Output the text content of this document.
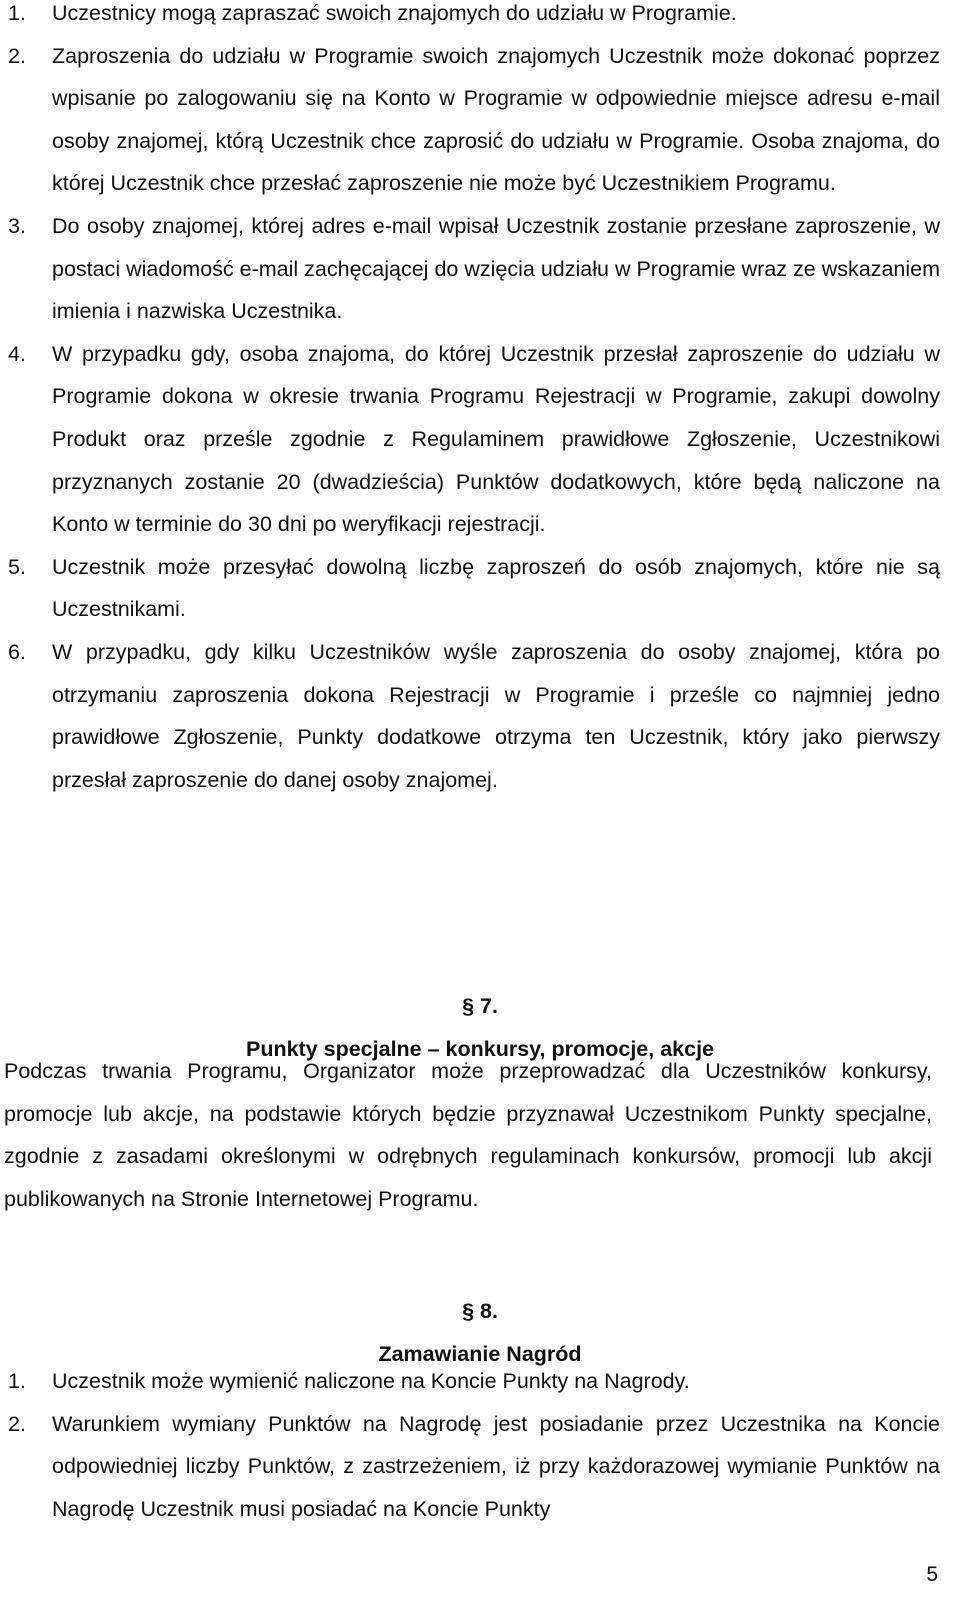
1. Uczestnicy mogą zapraszać swoich znajomych do udziału w Programie.
2. Zaproszenia do udziału w Programie swoich znajomych Uczestnik może dokonać poprzez wpisanie po zalogowaniu się na Konto w Programie w odpowiednie miejsce adresu e-mail osoby znajomej, którą Uczestnik chce zaprosić do udziału w Programie. Osoba znajoma, do której Uczestnik chce przesłać zaproszenie nie może być Uczestnikiem Programu.
3. Do osoby znajomej, której adres e-mail wpisał Uczestnik zostanie przesłane zaproszenie, w postaci wiadomość e-mail zachęcającej do wzięcia udziału w Programie wraz ze wskazaniem imienia i nazwiska Uczestnika.
4. W przypadku gdy, osoba znajoma, do której Uczestnik przesłał zaproszenie do udziału w Programie dokona w okresie trwania Programu Rejestracji w Programie, zakupi dowolny Produkt oraz prześle zgodnie z Regulaminem prawidłowe Zgłoszenie, Uczestnikowi przyznanych zostanie 20 (dwadzieścia) Punktów dodatkowych, które będą naliczone na Konto w terminie do 30 dni po weryfikacji rejestracji.
5. Uczestnik może przesyłać dowolną liczbę zaproszeń do osób znajomych, które nie są Uczestnikami.
6. W przypadku, gdy kilku Uczestników wyśle zaproszenia do osoby znajomej, która po otrzymaniu zaproszenia dokona Rejestracji w Programie i prześle co najmniej jedno prawidłowe Zgłoszenie, Punkty dodatkowe otrzyma ten Uczestnik, który jako pierwszy przesłał zaproszenie do danej osoby znajomej.
§ 7.
Punkty specjalne – konkursy, promocje, akcje

Podczas trwania Programu, Organizator może przeprowadzać dla Uczestników konkursy, promocje lub akcje, na podstawie których będzie przyznawał Uczestnikom Punkty specjalne, zgodnie z zasadami określonymi w odrębnych regulaminach konkursów, promocji lub akcji publikowanych na Stronie Internetowej Programu.

§ 8.
Zamawianie Nagród
1. Uczestnik może wymienić naliczone na Koncie Punkty na Nagrody.
2. Warunkiem wymiany Punktów na Nagrodę jest posiadanie przez Uczestnika na Koncie odpowiedniej liczby Punktów, z zastrzeżeniem, iż przy każdorazowej wymianie Punktów na Nagrodę Uczestnik musi posiadać na Koncie Punkty
5
